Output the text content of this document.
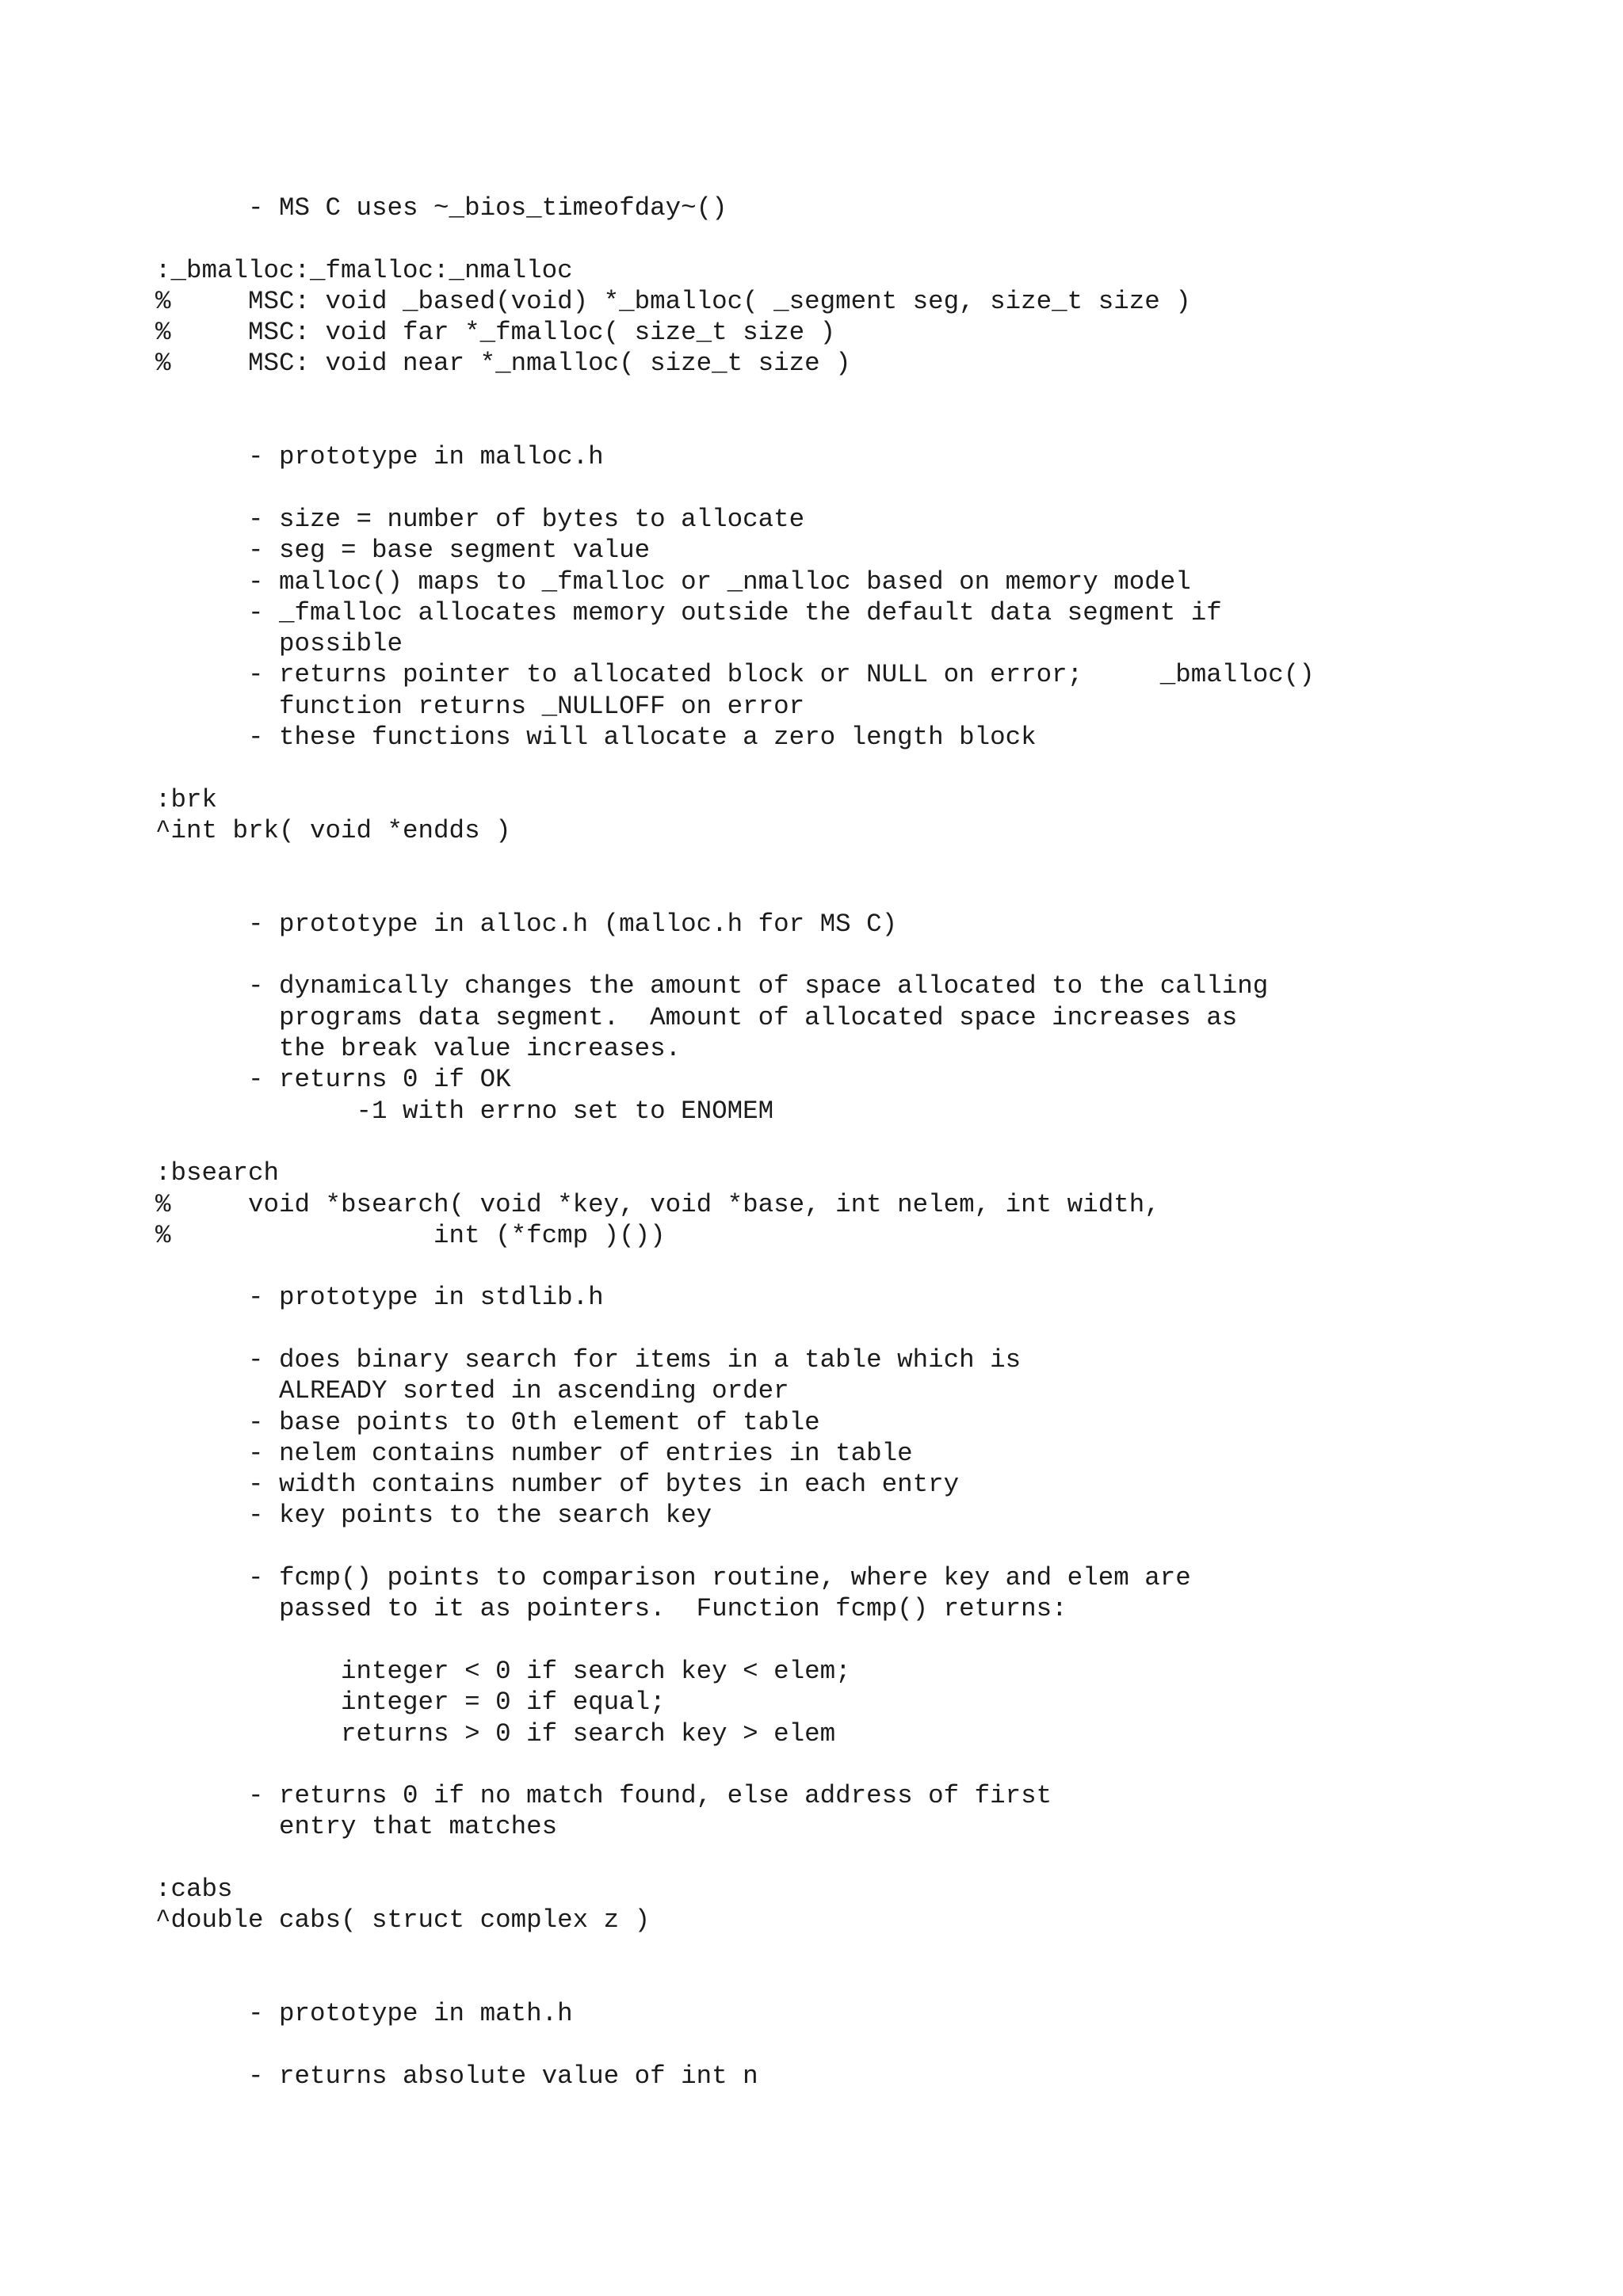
- MS C uses ~_bios_timeofday~()
:_bmalloc:_fmalloc:_nmalloc
%     MSC: void _based(void) *_bmalloc( _segment seg, size_t size )
%     MSC: void far *_fmalloc( size_t size )
%     MSC: void near *_nmalloc( size_t size )
- prototype in malloc.h
- size = number of bytes to allocate
- seg = base segment value
- malloc() maps to _fmalloc or _nmalloc based on memory model
- _fmalloc allocates memory outside the default data segment if
possible
- returns pointer to allocated block or NULL on error;     _bmalloc()
function returns _NULLOFF on error
- these functions will allocate a zero length block
:brk
^int brk( void *endds )
- prototype in alloc.h (malloc.h for MS C)
- dynamically changes the amount of space allocated to the calling
programs data segment.  Amount of allocated space increases as
the break value increases.
- returns 0 if OK
-1 with errno set to ENOMEM
:bsearch
%     void *bsearch( void *key, void *base, int nelem, int width,
%                 int (*fcmp )())
- prototype in stdlib.h
- does binary search for items in a table which is
ALREADY sorted in ascending order
- base points to 0th element of table
- nelem contains number of entries in table
- width contains number of bytes in each entry
- key points to the search key
- fcmp() points to comparison routine, where key and elem are
passed to it as pointers.  Function fcmp() returns:
integer < 0 if search key < elem;
integer = 0 if equal;
returns > 0 if search key > elem
- returns 0 if no match found, else address of first
entry that matches
:cabs
^double cabs( struct complex z )
- prototype in math.h
- returns absolute value of int n
